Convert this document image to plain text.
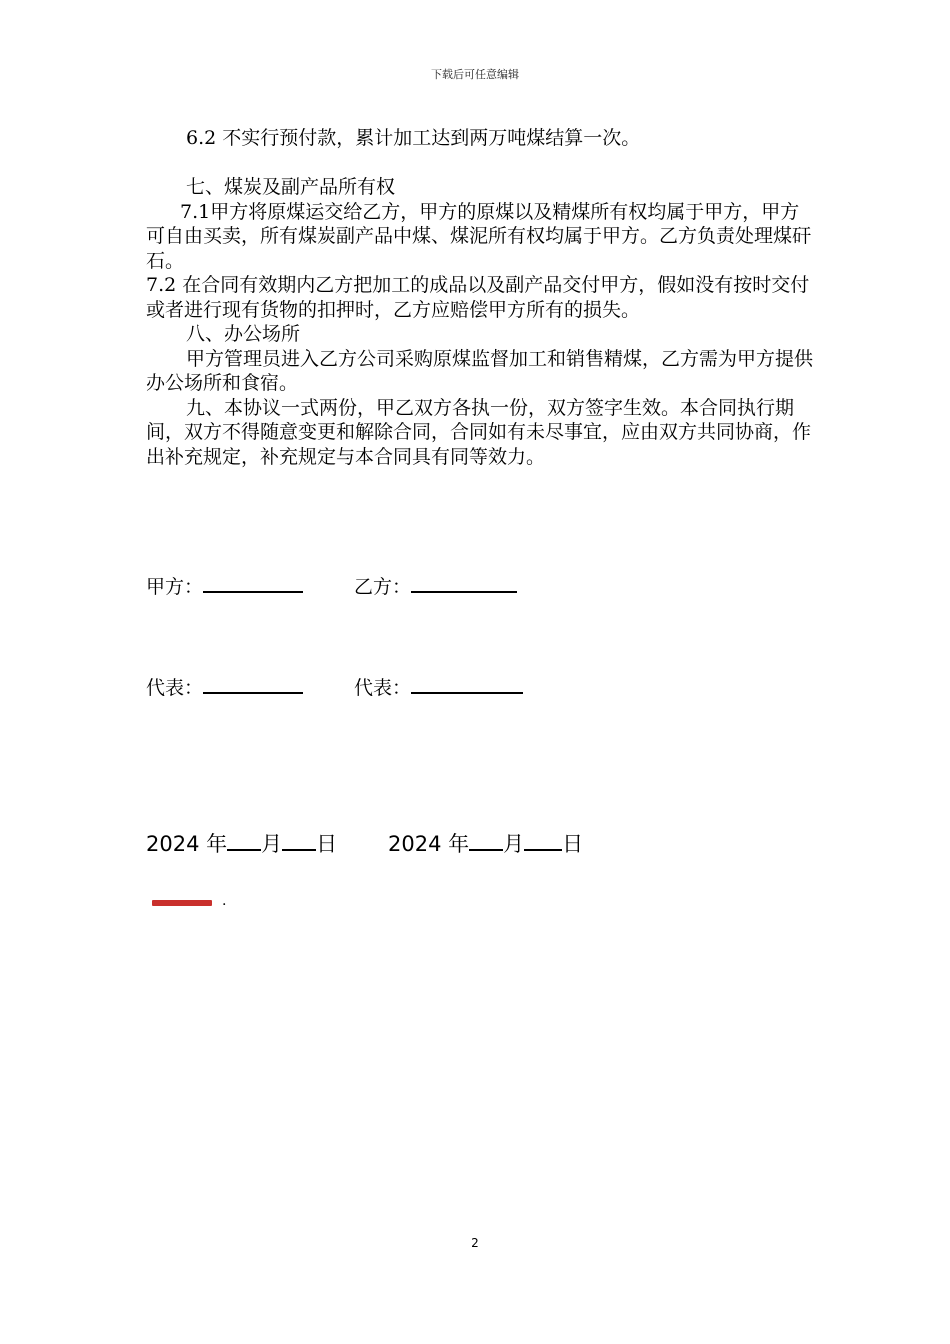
下载后可任意编辑

6.2 不实行预付款，累计加工达到两万吨煤结算一次。

七、煤炭及副产品所有权

7.1甲方将原煤运交给乙方，甲方的原煤以及精煤所有权均属于甲方，甲方可自由买卖，所有煤炭副产品中煤、煤泥所有权均属于甲方。乙方负责处理煤矸石。

7.2 在合同有效期内乙方把加工的成品以及副产品交付甲方，假如没有按时交付或者进行现有货物的扣押时，乙方应赔偿甲方所有的损失。

八、办公场所

甲方管理员进入乙方公司采购原煤监督加工和销售精煤，乙方需为甲方提供办公场所和食宿。

九、本协议一式两份，甲乙双方各执一份，双方签字生效。本合同执行期间，双方不得随意变更和解除合同，合同如有未尽事宜，应由双方共同协商，作出补充规定，补充规定与本合同具有同等效力。

甲方：	乙方：
代表：	代表：
2024 年 月 日 2024 年 月 日
.
2
